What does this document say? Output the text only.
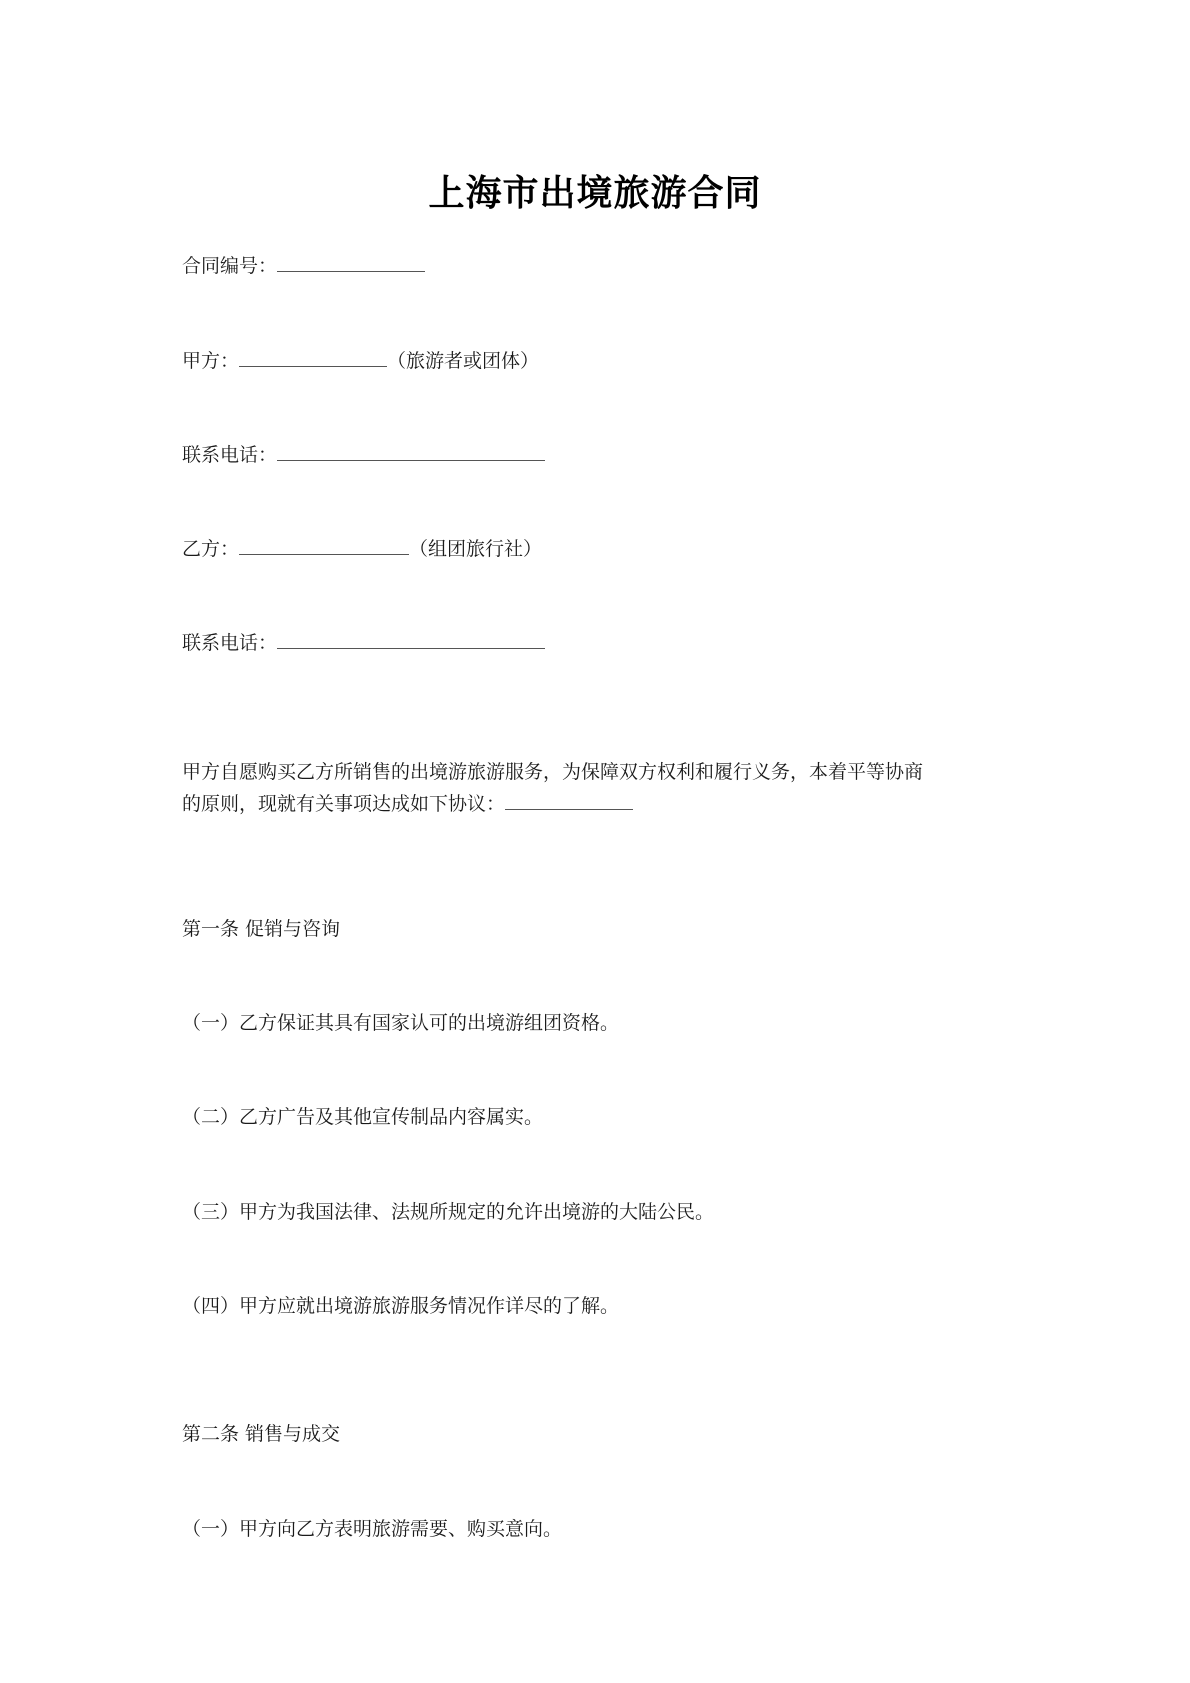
上海市出境旅游合同
合同编号：
甲方：	（旅游者或团体）
联系电话：
乙方：	（组团旅行社）
联系电话：
甲方自愿购买乙方所销售的出境游旅游服务，为保障双方权利和履行义务，本着平等协商
的原则，现就有关事项达成如下协议：
第一条 促销与咨询
（一）乙方保证其具有国家认可的出境游组团资格。
（二）乙方广告及其他宣传制品内容属实。
（三）甲方为我国法律、法规所规定的允许出境游的大陆公民。
（四）甲方应就出境游旅游服务情况作详尽的了解。
第二条 销售与成交
（一）甲方向乙方表明旅游需要、购买意向。
